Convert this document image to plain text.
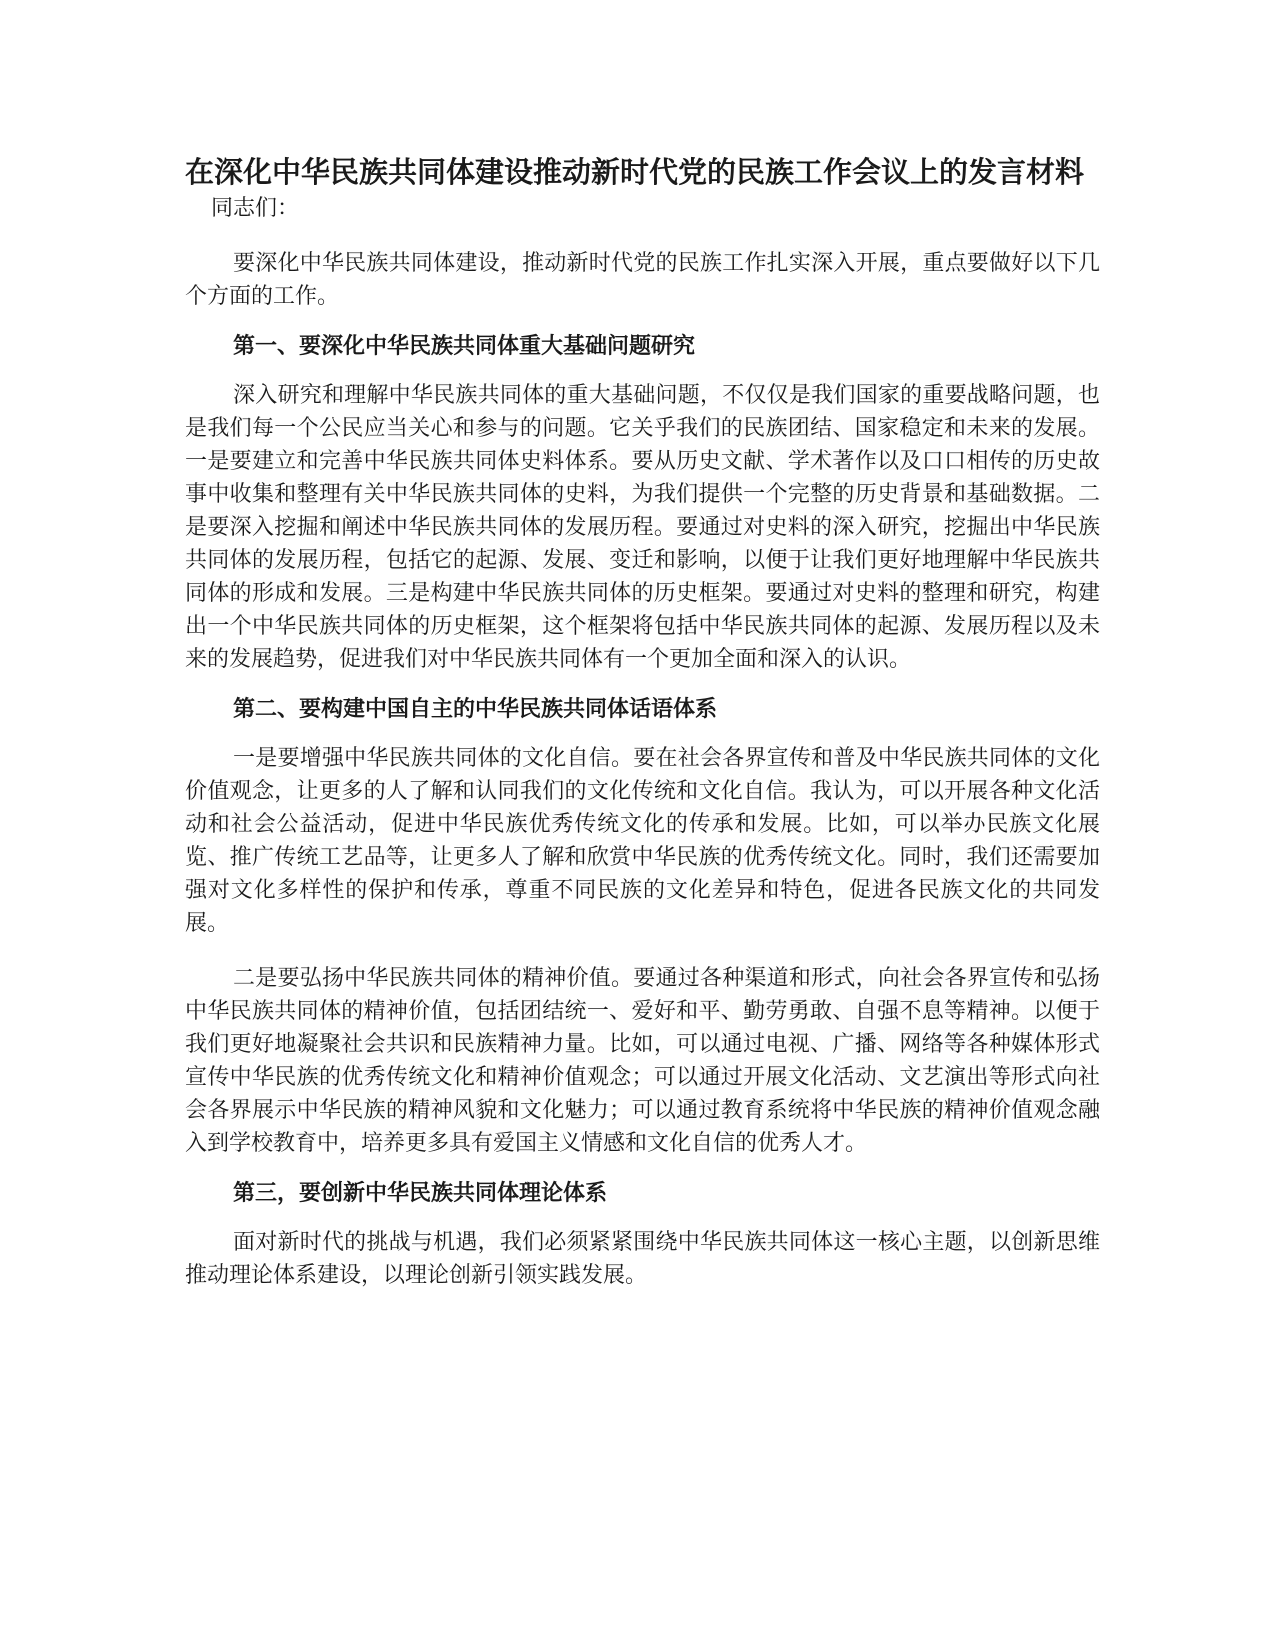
在深化中华民族共同体建设推动新时代党的民族工作会议上的发言材料

同志们：

要深化中华民族共同体建设，推动新时代党的民族工作扎实深入开展，重点要做好以下几个方面的工作。

第一、要深化中华民族共同体重大基础问题研究

深入研究和理解中华民族共同体的重大基础问题，不仅仅是我们国家的重要战略问题，也是我们每一个公民应当关心和参与的问题。它关乎我们的民族团结、国家稳定和未来的发展。一是要建立和完善中华民族共同体史料体系。要从历史文献、学术著作以及口口相传的历史故事中收集和整理有关中华民族共同体的史料，为我们提供一个完整的历史背景和基础数据。二是要深入挖掘和阐述中华民族共同体的发展历程。要通过对史料的深入研究，挖掘出中华民族共同体的发展历程，包括它的起源、发展、变迁和影响，以便于让我们更好地理解中华民族共同体的形成和发展。三是构建中华民族共同体的历史框架。要通过对史料的整理和研究，构建出一个中华民族共同体的历史框架，这个框架将包括中华民族共同体的起源、发展历程以及未来的发展趋势，促进我们对中华民族共同体有一个更加全面和深入的认识。

第二、要构建中国自主的中华民族共同体话语体系

一是要增强中华民族共同体的文化自信。要在社会各界宣传和普及中华民族共同体的文化价值观念，让更多的人了解和认同我们的文化传统和文化自信。我认为，可以开展各种文化活动和社会公益活动，促进中华民族优秀传统文化的传承和发展。比如，可以举办民族文化展览、推广传统工艺品等，让更多人了解和欣赏中华民族的优秀传统文化。同时，我们还需要加强对文化多样性的保护和传承，尊重不同民族的文化差异和特色，促进各民族文化的共同发展。

二是要弘扬中华民族共同体的精神价值。要通过各种渠道和形式，向社会各界宣传和弘扬中华民族共同体的精神价值，包括团结统一、爱好和平、勤劳勇敢、自强不息等精神。以便于我们更好地凝聚社会共识和民族精神力量。比如，可以通过电视、广播、网络等各种媒体形式宣传中华民族的优秀传统文化和精神价值观念；可以通过开展文化活动、文艺演出等形式向社会各界展示中华民族的精神风貌和文化魅力；可以通过教育系统将中华民族的精神价值观念融入到学校教育中，培养更多具有爱国主义情感和文化自信的优秀人才。

第三，要创新中华民族共同体理论体系

面对新时代的挑战与机遇，我们必须紧紧围绕中华民族共同体这一核心主题，以创新思维推动理论体系建设，以理论创新引领实践发展。
